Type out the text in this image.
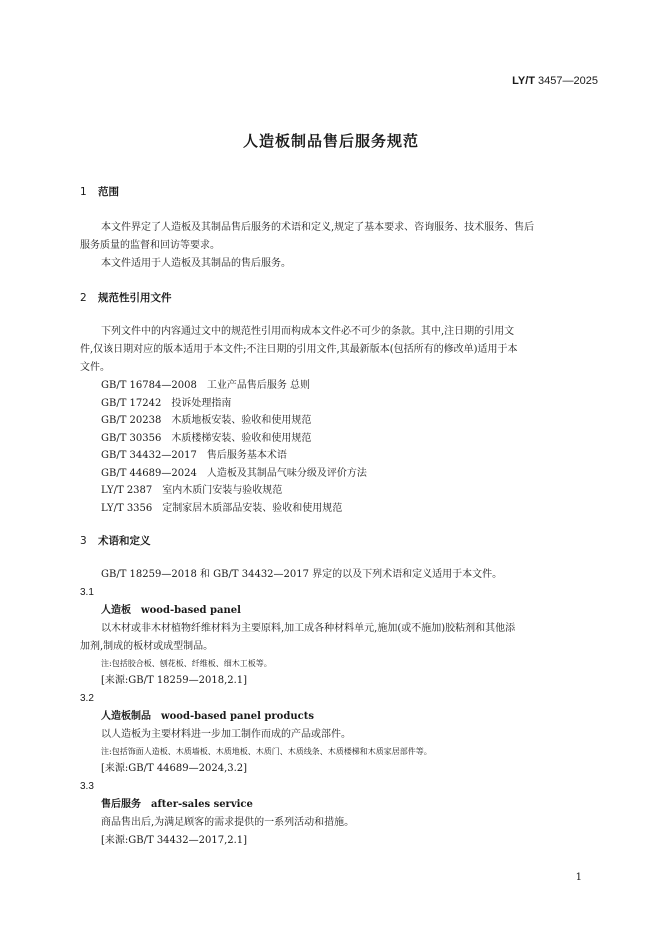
LY/T 3457—2025
人造板制品售后服务规范
1 范围

本文件界定了人造板及其制品售后服务的术语和定义,规定了基本要求、咨询服务、技术服务、售后

服务质量的监督和回访等要求。

本文件适用于人造板及其制品的售后服务。

2 规范性引用文件

下列文件中的内容通过文中的规范性引用而构成本文件必不可少的条款。其中,注日期的引用文

件,仅该日期对应的版本适用于本文件;不注日期的引用文件,其最新版本(包括所有的修改单)适用于本

文件。

GB/T 16784—2008 工业产品售后服务 总则

GB/T 17242 投诉处理指南

GB/T 20238 木质地板安装、验收和使用规范

GB/T 30356 木质楼梯安装、验收和使用规范

GB/T 34432—2017 售后服务基本术语

GB/T 44689—2024 人造板及其制品气味分级及评价方法

LY/T 2387 室内木质门安装与验收规范

LY/T 3356 定制家居木质部品安装、验收和使用规范

3 术语和定义

GB/T 18259—2018 和 GB/T 34432—2017 界定的以及下列术语和定义适用于本文件。

3.1
人造板 wood-based panel

以木材或非木材植物纤维材料为主要原料,加工成各种材料单元,施加(或不施加)胶粘剂和其他添

加剂,制成的板材或成型制品。

注:包括胶合板、刨花板、纤维板、细木工板等。

[来源:GB/T 18259—2018,2.1]

3.2
人造板制品 wood-based panel products

以人造板为主要材料进一步加工制作而成的产品或部件。

注:包括饰面人造板、木质墙板、木质地板、木质门、木质线条、木质楼梯和木质家居部件等。

[来源:GB/T 44689—2024,3.2]

3.3
售后服务 after-sales service

商品售出后,为满足顾客的需求提供的一系列活动和措施。

[来源:GB/T 34432—2017,2.1]

1
